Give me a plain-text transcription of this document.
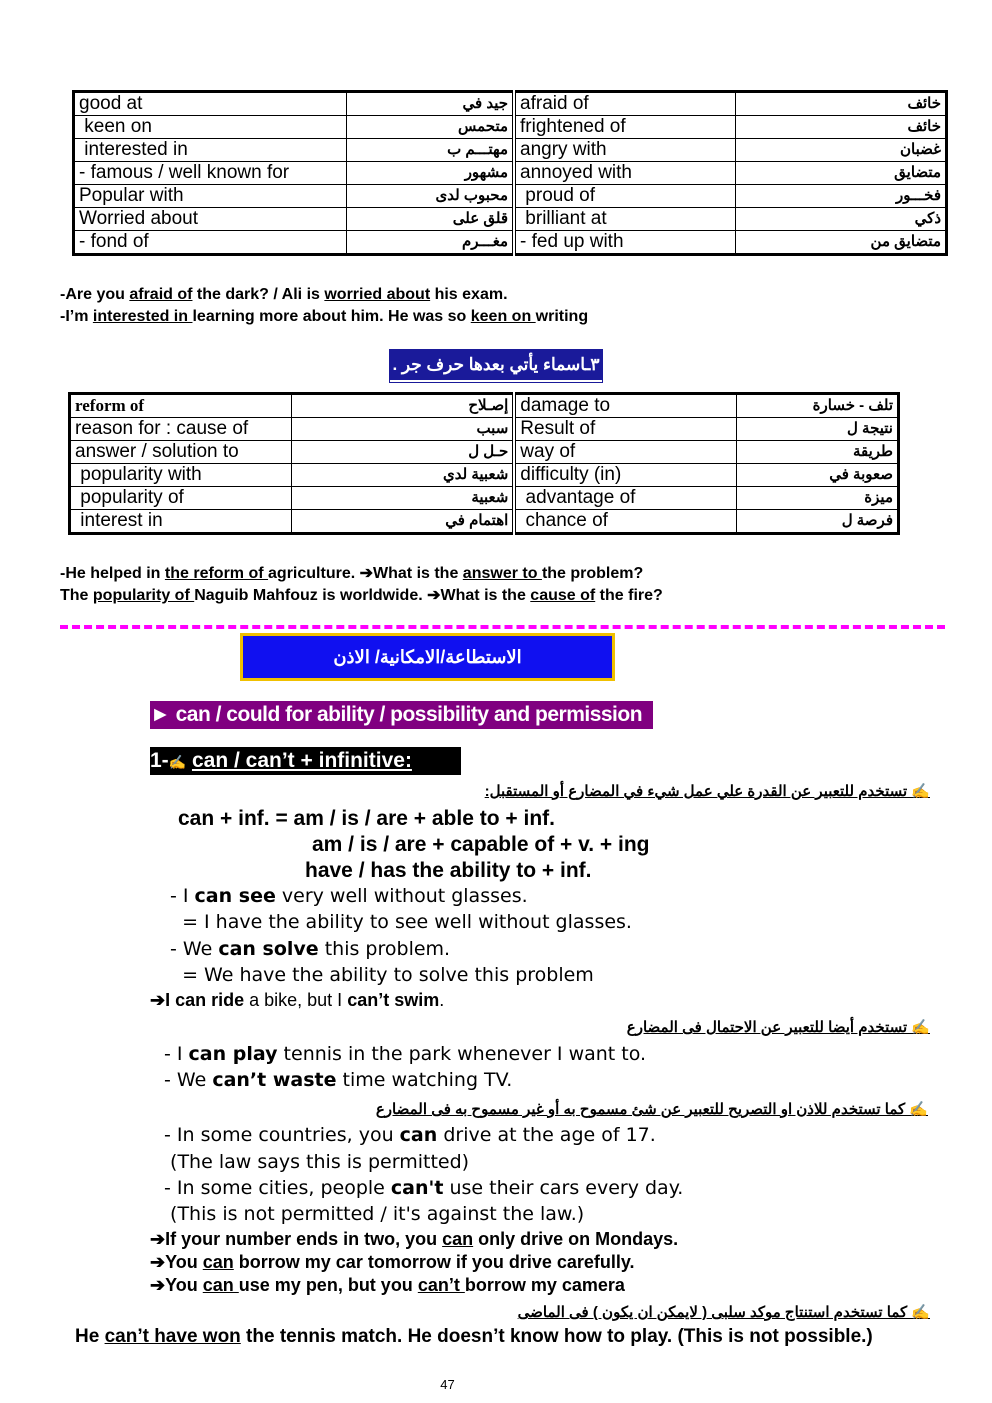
good at	جيد في	afraid of	خائف
keen on	متحمس	frightened of	خائف
interested in	مهتـــم ب	angry with	غضبان
- famous / well known for	مشهور	annoyed with	متضايق
Popular with	محبوب لدى	proud of	فخـــور
Worried about	قلق على	brilliant at	ذكي
- fond of	مغـــرم	- fed up with	متضايق من
-Are you afraid of the dark? / Ali is worried about his exam.
-I’m interested in learning more about him. He was so keen on writing
٣ـاسماء يأتي بعدها حرف جر .
reform of	إصـلاح	damage to	تلف - خسارة
reason for : cause of	سبب	Result of	نتيجة ل
answer / solution to	حـل ل	way of	طريقة
popularity with	شعبية لدي	difficulty (in)	صعوبة في
popularity of	شعبية	advantage of	ميزة
interest in	اهتمام في	chance of	فرصة ل
-He helped in the reform of agriculture. ➔What is the answer to the problem?
The popularity of Naguib Mahfouz is worldwide. ➔What is the cause of the fire?
الاستطاعة/الامكانية/ الاذن
► can / could for ability / possibility and permission
1-✍ can / can’t + infinitive:
✍ تستخدم للتعبير عن القدرة علي عمل شيء في المضارع أو المستقبل:
can + inf. = am / is / are + able to + inf.
am / is / are + capable of + v. + ing
have / has the ability to + inf.
- I can see very well without glasses.
= I have the ability to see well without glasses.
- We can solve this problem.
= We have the ability to solve this problem
➔I can ride a bike, but I can’t swim.
✍ تستخدم أيضا للتعبير عن الاحتمال فى المضارع
- I can play tennis in the park whenever I want to.
- We can’t waste time watching TV.
✍ كما تستخدم للاذن او التصريح للتعبير عن شئ مسموح به أو غير مسموح به فى المضارع
- In some countries, you can drive at the age of 17.
(The law says this is permitted)
- In some cities, people can't use their cars every day.
(This is not permitted / it's against the law.)
➔If your number ends in two, you can only drive on Mondays.
➔You can borrow my car tomorrow if you drive carefully.
➔You can use my pen, but you can’t borrow my camera
✍ كما تستخدم استنتاج موكد سلبى ( لايمكن ان يكون ) فى الماضى
He can’t have won the tennis match. He doesn’t know how to play. (This is not possible.)
47
